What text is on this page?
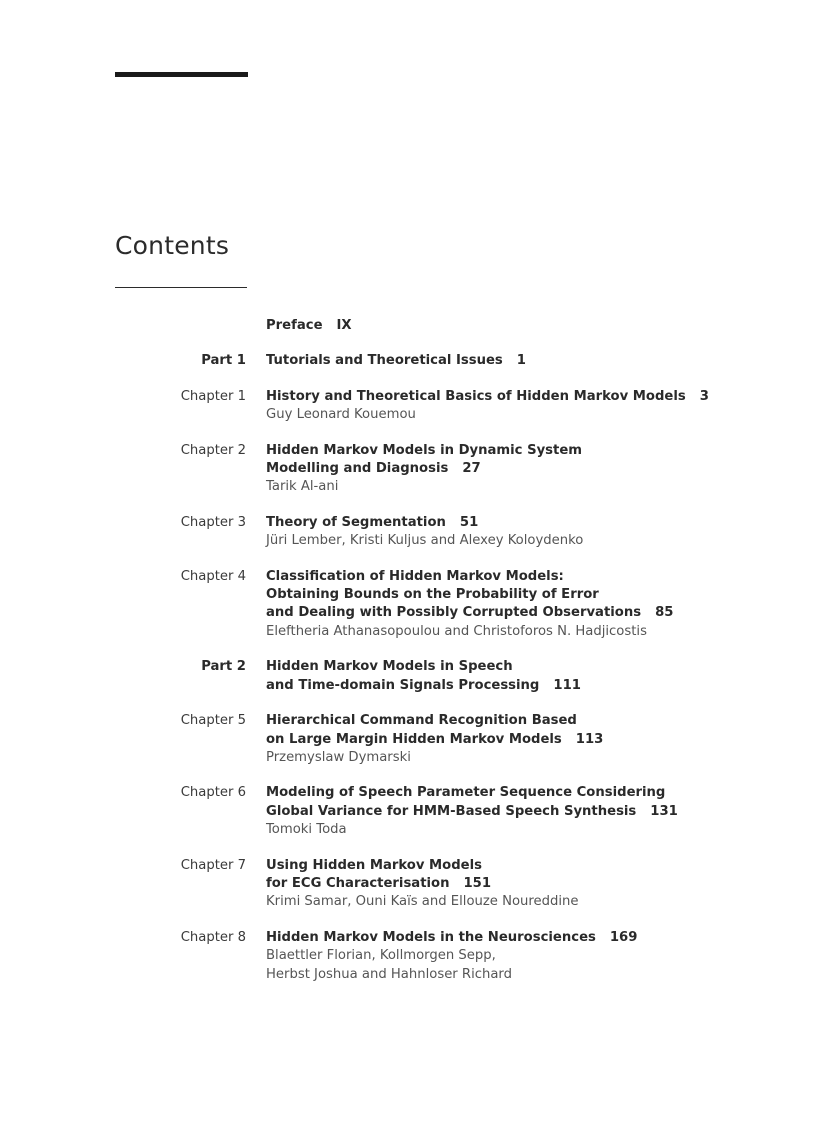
Contents
Preface IX
Part 1 Tutorials and Theoretical Issues 1
Chapter 1 History and Theoretical Basics of Hidden Markov Models 3
Guy Leonard Kouemou
Chapter 2 Hidden Markov Models in Dynamic System
Modelling and Diagnosis 27
Tarik Al-ani
Chapter 3 Theory of Segmentation 51
Jüri Lember, Kristi Kuljus and Alexey Koloydenko
Chapter 4 Classification of Hidden Markov Models:
Obtaining Bounds on the Probability of Error
and Dealing with Possibly Corrupted Observations 85
Eleftheria Athanasopoulou and Christoforos N. Hadjicostis
Part 2 Hidden Markov Models in Speech
and Time-domain Signals Processing 111
Chapter 5 Hierarchical Command Recognition Based
on Large Margin Hidden Markov Models 113
Przemyslaw Dymarski
Chapter 6 Modeling of Speech Parameter Sequence Considering
Global Variance for HMM-Based Speech Synthesis 131
Tomoki Toda
Chapter 7 Using Hidden Markov Models
for ECG Characterisation 151
Krimi Samar, Ouni Kaïs and Ellouze Noureddine
Chapter 8 Hidden Markov Models in the Neurosciences 169
Blaettler Florian, Kollmorgen Sepp,
Herbst Joshua and Hahnloser Richard
